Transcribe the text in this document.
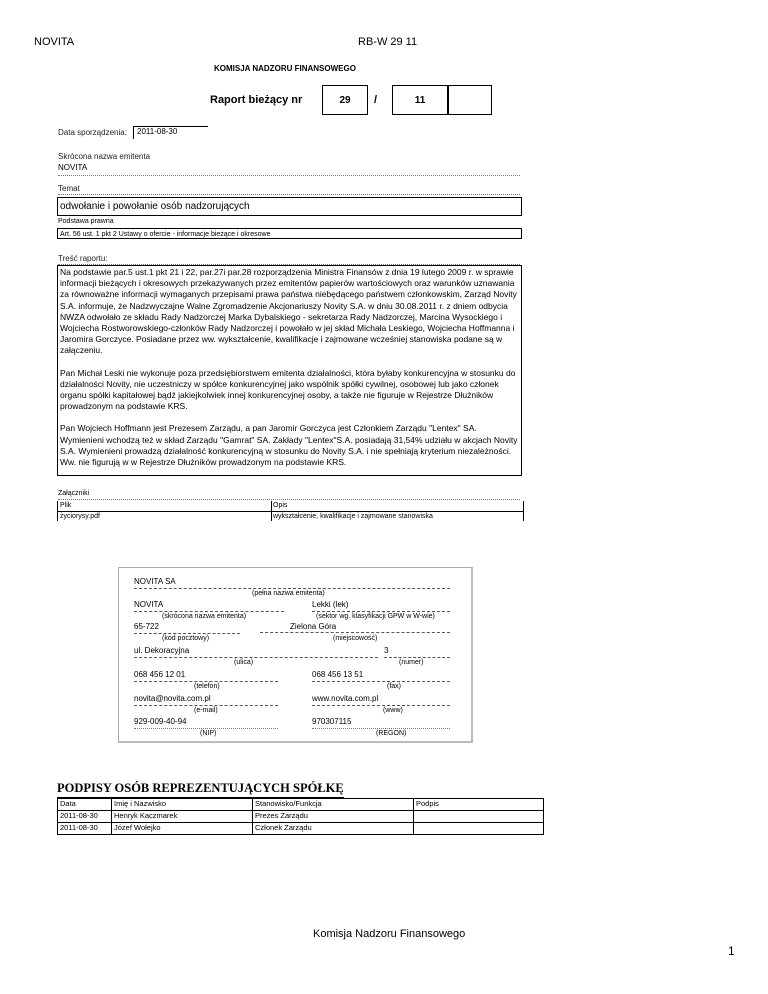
NOVITA	RB-W 29 11
KOMISJA NADZORU FINANSOWEGO
Raport bieżący nr	29	/	11
Data sporządzenia:	2011-08-30
Skrócona nazwa emitenta
NOVITA
Temat
odwołanie i powołanie osób nadzorujących
Podstawa prawna
Art. 56 ust. 1 pkt 2 Ustawy o ofercie - informacje bieżące i okresowe
Treść raportu:

Na podstawie par.5 ust.1 pkt 21 i 22, par.27i par.28 rozporządzenia Ministra Finansów z dnia 19 lutego 2009 r. w sprawie informacji bieżących i okresowych przekazywanych przez emitentów papierów wartościowych oraz warunków uznawania za równoważne informacji wymaganych przepisami prawa państwa niebędącego państwem członkowskim, Zarząd Novity S.A. informuje, że Nadzwyczajne Walne Zgromadzenie Akcjonariuszy Novity S.A. w dniu 30.08.2011 r. z dniem odbycia NWZA odwołało ze składu Rady Nadzorczej Marka Dybalskiego - sekretarza Rady Nadzorczej, Marcina Wysockiego i Wojciecha Rostworowskiego-członków Rady Nadzorczej i powołało w jej skład Michała Leskiego, Wojciecha Hoffmanna i Jaromira Gorczyce. Posiadane przez ww. wykształcenie, kwalifikacje i zajmowane wcześniej stanowiska podane są w załączeniu.

Pan Michał Leski nie wykonuje poza przedsiębiorstwem emitenta działalności, która byłaby konkurencyjna w stosunku do działalności Novity, nie uczestniczy w spółce konkurencyjnej jako wspólnik spółki cywilnej, osobowej lub jako członek organu spółki kapitałowej bądź jakiejkolwiek innej konkurencyjnej osoby, a także nie figuruje w Rejestrze Dłużników prowadzonym na podstawie KRS.

Pan Wojciech Hoffmann jest Prezesem Zarządu, a pan Jaromir Gorczyca jest Członkiem Zarządu "Lentex" SA. Wymienieni wchodzą też w skład Zarządu "Gamrat" SA. Zakłady "Lentex"S.A. posiadają 31,54% udziału w akcjach Novity S.A. Wymienieni prowadzą działalność konkurencyjną w stosunku do Novity S.A. i nie spełniają kryterium niezależności. Ww. nie figurują w w Rejestrze Dłużników prowadzonym na podstawie KRS.

Załączniki
Plik	Opis
życiorysy.pdf	wykształcenie, kwalifikacje i zajmowane stanowiska
NOVITA SA
(pełna nazwa emitenta)
NOVITA
(skrócona nazwa emitenta)
Lekki (lek)
(sektor wg. klasyfikacji GPW w W-wie)
65-722
(kod pocztowy)
Zielona Góra
(miejscowość)
ul. Dekoracyjna
(ulica)
3
(numer)
068 456 12 01
(telefon)
068 456 13 51
(fax)
novita@novita.com.pl
(e-mail)
www.novita.com.pl
(www)
929-009-40-94
(NIP)
970307115
(REGON)
PODPISY OSÓB REPREZENTUJĄCYCH SPÓŁKĘ
Data	Imię i Nazwisko	Stanowisko/Funkcja	Podpis
2011-08-30	Henryk Kaczmarek	Prezes Zarządu	
2011-08-30	Józef Wołejko	Członek Zarządu	
Komisja Nadzoru Finansowego
1
